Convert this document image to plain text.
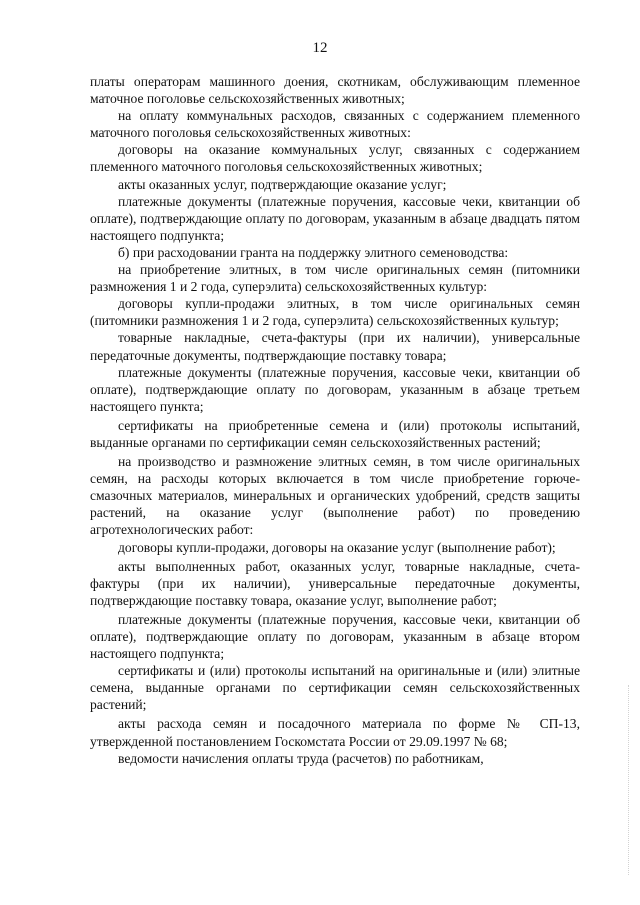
12

платы операторам машинного доения, скотникам, обслуживающим племенное маточное поголовье сельскохозяйственных животных;

на оплату коммунальных расходов, связанных с содержанием племенного маточного поголовья сельскохозяйственных животных:

договоры на оказание коммунальных услуг, связанных с содержанием племенного маточного поголовья сельскохозяйственных животных;

акты оказанных услуг, подтверждающие оказание услуг;

платежные документы (платежные поручения, кассовые чеки, квитанции об оплате), подтверждающие оплату по договорам, указанным в абзаце двадцать пятом настоящего подпункта;

б) при расходовании гранта на поддержку элитного семеноводства:

на приобретение элитных, в том числе оригинальных семян (питомники размножения 1 и 2 года, суперэлита) сельскохозяйственных культур:

договоры купли-продажи элитных, в том числе оригинальных семян (питомники размножения 1 и 2 года, суперэлита) сельскохозяйственных культур;

товарные накладные, счета-фактуры (при их наличии), универсальные передаточные документы, подтверждающие поставку товара;

платежные документы (платежные поручения, кассовые чеки, квитанции об оплате), подтверждающие оплату по договорам, указанным в абзаце третьем настоящего пункта;

сертификаты на приобретенные семена и (или) протоколы испытаний, выданные органами по сертификации семян сельскохозяйственных растений;

на производство и размножение элитных семян, в том числе оригинальных семян, на расходы которых включается в том числе приобретение горюче-смазочных материалов, минеральных и органических удобрений, средств защиты растений, на оказание услуг (выполнение работ) по проведению агротехнологических работ:

договоры купли-продажи, договоры на оказание услуг (выполнение работ);

акты выполненных работ, оказанных услуг, товарные накладные, счета-фактуры (при их наличии), универсальные передаточные документы, подтверждающие поставку товара, оказание услуг, выполнение работ;

платежные документы (платежные поручения, кассовые чеки, квитанции об оплате), подтверждающие оплату по договорам, указанным в абзаце втором настоящего подпункта;

сертификаты и (или) протоколы испытаний на оригинальные и (или) элитные семена, выданные органами по сертификации семян сельскохозяйственных растений;

акты расхода семян и посадочного материала по форме № СП-13, утвержденной постановлением Госкомстата России от 29.09.1997 № 68;

ведомости начисления оплаты труда (расчетов) по работникам,
